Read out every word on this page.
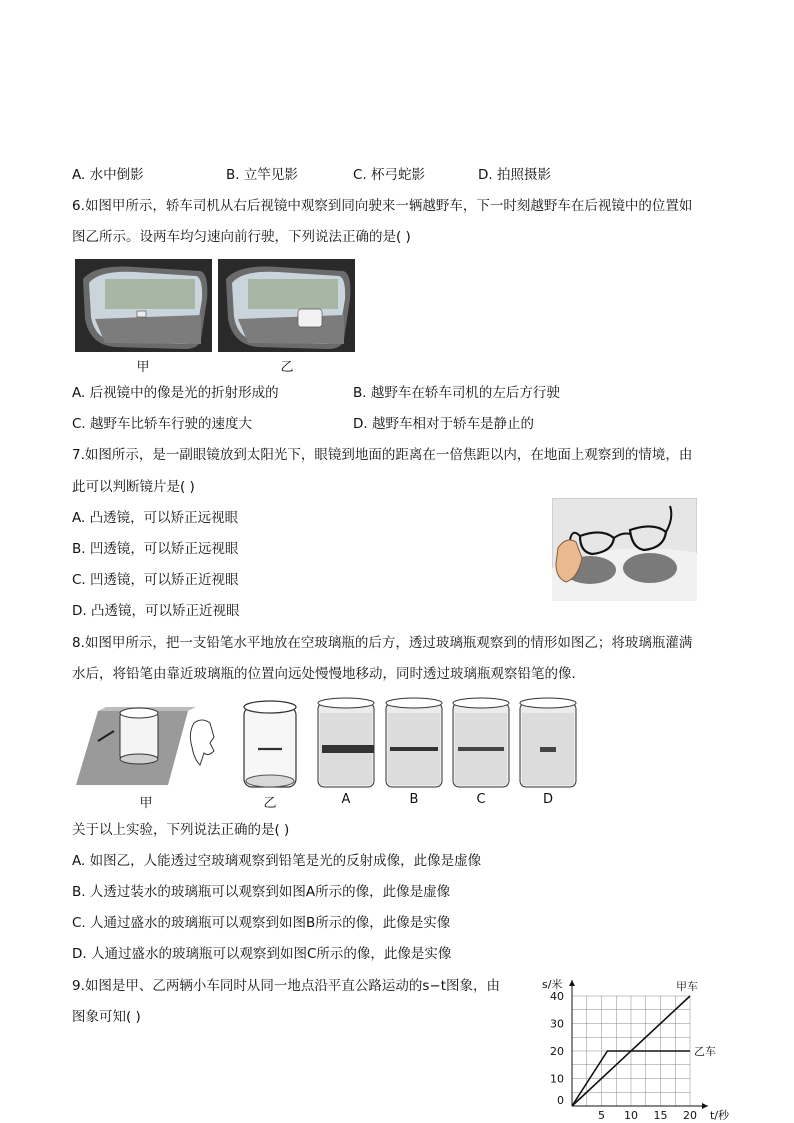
A. 水中倒影	B. 立竿见影	C. 杯弓蛇影	D. 拍照摄影
6.如图甲所示，轿车司机从右后视镜中观察到同向驶来一辆越野车，下一时刻越野车在后视镜中的位置如
图乙所示。设两车均匀速向前行驶，下列说法正确的是( )
甲	乙
A. 后视镜中的像是光的折射形成的	B. 越野车在轿车司机的左后方行驶
C. 越野车比轿车行驶的速度大	D. 越野车相对于轿车是静止的
7.如图所示，是一副眼镜放到太阳光下，眼镜到地面的距离在一倍焦距以内，在地面上观察到的情境，由
此可以判断镜片是( )
A. 凸透镜，可以矫正远视眼
B. 凹透镜，可以矫正远视眼
C. 凹透镜，可以矫正近视眼
D. 凸透镜，可以矫正近视眼
8.如图甲所示，把一支铅笔水平地放在空玻璃瓶的后方，透过玻璃瓶观察到的情形如图乙；将玻璃瓶灌满
水后，将铅笔由靠近玻璃瓶的位置向远处慢慢地移动，同时透过玻璃瓶观察铅笔的像．
甲	乙	A	B	C	D
关于以上实验，下列说法正确的是( )
A. 如图乙，人能透过空玻璃观察到铅笔是光的反射成像，此像是虚像
B. 人透过装水的玻璃瓶可以观察到如图A所示的像，此像是虚像
C. 人通过盛水的玻璃瓶可以观察到如图B所示的像，此像是实像
D. 人通过盛水的玻璃瓶可以观察到如图C所示的像，此像是实像
9.如图是甲、乙两辆小车同时从同一地点沿平直公路运动的s−t图象，由
图象可知( )
5 10 15 20
0
10
20
30
40
t/秒
s/米	甲车
乙车
